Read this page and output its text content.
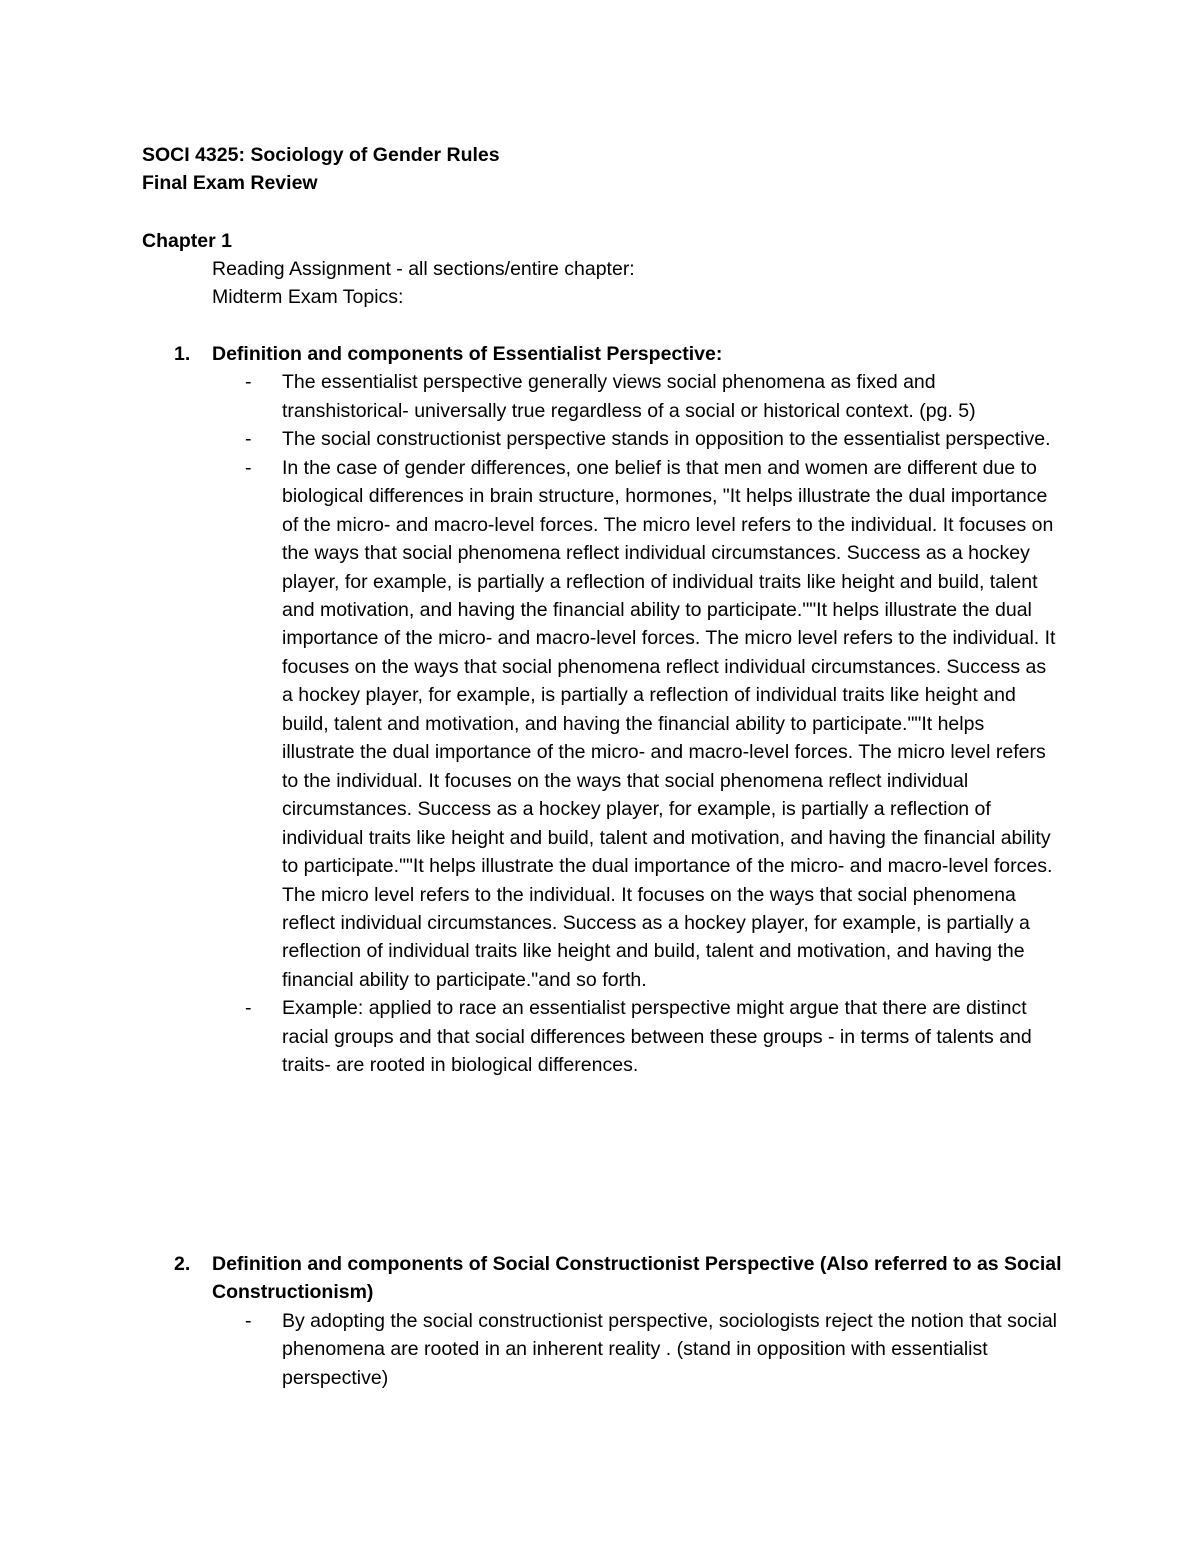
SOCI 4325: Sociology of Gender Rules
Final Exam Review
Chapter 1
Reading Assignment - all sections/entire chapter:
Midterm Exam Topics:
1. Definition and components of Essentialist Perspective:
- The essentialist perspective generally views social phenomena as fixed and transhistorical- universally true regardless of a social or historical context. (pg. 5)
- The social constructionist perspective stands in opposition to the essentialist perspective.
- In the case of gender differences, one belief is that men and women are different due to biological differences in brain structure, hormones, "It helps illustrate the dual importance of the micro- and macro-level forces. The micro level refers to the individual. It focuses on the ways that social phenomena reflect individual circumstances. Success as a hockey player, for example, is partially a reflection of individual traits like height and build, talent and motivation, and having the financial ability to participate.""It helps illustrate the dual importance of the micro- and macro-level forces. The micro level refers to the individual. It focuses on the ways that social phenomena reflect individual circumstances. Success as a hockey player, for example, is partially a reflection of individual traits like height and build, talent and motivation, and having the financial ability to participate.""It helps illustrate the dual importance of the micro- and macro-level forces. The micro level refers to the individual. It focuses on the ways that social phenomena reflect individual circumstances. Success as a hockey player, for example, is partially a reflection of individual traits like height and build, talent and motivation, and having the financial ability to participate.""It helps illustrate the dual importance of the micro- and macro-level forces. The micro level refers to the individual. It focuses on the ways that social phenomena reflect individual circumstances. Success as a hockey player, for example, is partially a reflection of individual traits like height and build, talent and motivation, and having the financial ability to participate."and so forth.
- Example: applied to race an essentialist perspective might argue that there are distinct racial groups and that social differences between these groups - in terms of talents and traits- are rooted in biological differences.
2. Definition and components of Social Constructionist Perspective (Also referred to as Social Constructionism)
- By adopting the social constructionist perspective, sociologists reject the notion that social phenomena are rooted in an inherent reality . (stand in opposition with essentialist perspective)
